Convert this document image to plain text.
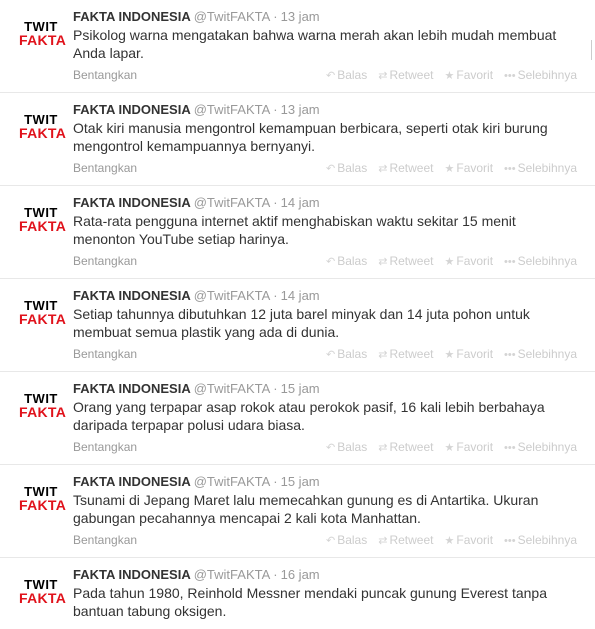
TWIT
FAKTA
FAKTA INDONESIA @TwitFAKTA · 13 jam
Psikolog warna mengatakan bahwa warna merah akan lebih mudah membuat Anda lapar.
Bentangkan	↶ Balas ⇄ Retweet ★ Favorit ••• Selebihnya
TWIT
FAKTA
FAKTA INDONESIA @TwitFAKTA · 13 jam
Otak kiri manusia mengontrol kemampuan berbicara, seperti otak kiri burung mengontrol kemampuannya bernyanyi.
Bentangkan	↶ Balas ⇄ Retweet ★ Favorit ••• Selebihnya
TWIT
FAKTA
FAKTA INDONESIA @TwitFAKTA · 14 jam
Rata-rata pengguna internet aktif menghabiskan waktu sekitar 15 menit menonton YouTube setiap harinya.
Bentangkan	↶ Balas ⇄ Retweet ★ Favorit ••• Selebihnya
TWIT
FAKTA
FAKTA INDONESIA @TwitFAKTA · 14 jam
Setiap tahunnya dibutuhkan 12 juta barel minyak dan 14 juta pohon untuk membuat semua plastik yang ada di dunia.
Bentangkan	↶ Balas ⇄ Retweet ★ Favorit ••• Selebihnya
TWIT
FAKTA
FAKTA INDONESIA @TwitFAKTA · 15 jam
Orang yang terpapar asap rokok atau perokok pasif, 16 kali lebih berbahaya daripada terpapar polusi udara biasa.
Bentangkan	↶ Balas ⇄ Retweet ★ Favorit ••• Selebihnya
TWIT
FAKTA
FAKTA INDONESIA @TwitFAKTA · 15 jam
Tsunami di Jepang Maret lalu memecahkan gunung es di Antartika. Ukuran gabungan pecahannya mencapai 2 kali kota Manhattan.
Bentangkan	↶ Balas ⇄ Retweet ★ Favorit ••• Selebihnya
TWIT
FAKTA
FAKTA INDONESIA @TwitFAKTA · 16 jam
Pada tahun 1980, Reinhold Messner mendaki puncak gunung Everest tanpa bantuan tabung oksigen.
